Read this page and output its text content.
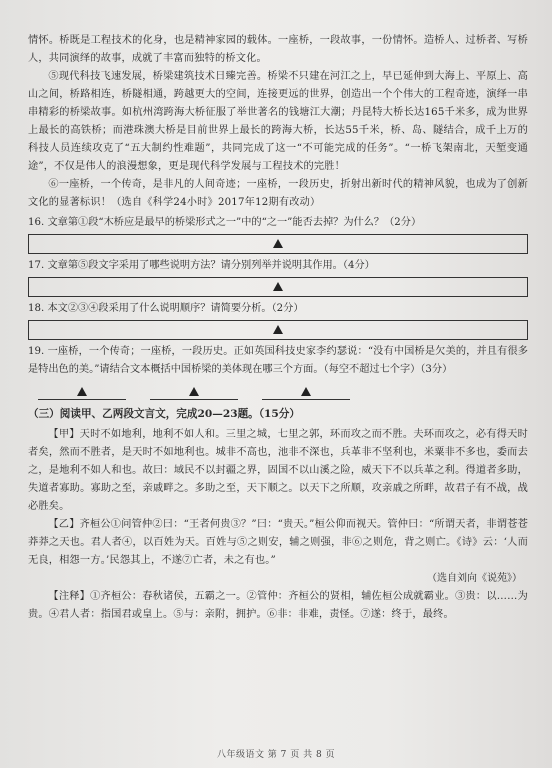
情怀。桥既是工程技术的化身，也是精神家园的载体。一座桥，一段故事，一份情怀。造桥人、过桥者、写桥人，共同演绎的故事，成就了丰富而独特的桥文化。

⑤现代科技飞速发展，桥梁建筑技术日臻完善。桥梁不只建在河江之上，早已延伸到大海上、平原上、高山之间，桥路相连，桥隧相通，跨越更大的空间，连接更远的世界，创造出一个个伟大的工程奇迹，演绎一串串精彩的桥梁故事。如杭州湾跨海大桥征服了举世著名的钱塘江大潮；丹昆特大桥长达165千米多，成为世界上最长的高铁桥；而港珠澳大桥是目前世界上最长的跨海大桥，长达55千米，桥、岛、隧结合，成千上万的科技人员连续攻克了“五大制约性难题”，共同完成了这一“不可能完成的任务”。“一桥飞架南北，天堑变通途”，不仅是伟人的浪漫想象，更是现代科学发展与工程技术的完胜！

⑥一座桥，一个传奇，是非凡的人间奇迹；一座桥，一段历史，折射出新时代的精神风貌，也成为了创新文化的显著标识！（选自《科学24小时》2017年12期有改动）

16. 文章第①段“木桥应是最早的桥梁形式之一”中的“之一”能否去掉？为什么？（2分）

17. 文章第⑤段文字采用了哪些说明方法？请分别列举并说明其作用。（4分）

18. 本文②③④段采用了什么说明顺序？请简要分析。（2分）

19. 一座桥，一个传奇；一座桥，一段历史。正如英国科技史家李约瑟说：“没有中国桥是欠美的，并且有很多是特出色的美。”请结合文本概括中国桥梁的美体现在哪三个方面。（每空不超过七个字）（3分）

（三）阅读甲、乙两段文言文，完成20—23题。（15分）

【甲】天时不如地利，地利不如人和。三里之城，七里之郭，环而攻之而不胜。夫环而攻之，必有得天时者矣，然而不胜者，是天时不如地利也。城非不高也，池非不深也，兵革非不坚利也，米粟非不多也，委而去之，是地利不如人和也。故曰：域民不以封疆之界，固国不以山溪之险，威天下不以兵革之利。得道者多助，失道者寡助。寡助之至，亲戚畔之。多助之至，天下顺之。以天下之所顺，攻亲戚之所畔，故君子有不战，战必胜矣。

【乙】齐桓公①问管仲②曰：“王者何贵③？”曰：“贵天。”桓公仰而视天。管仲曰：“所谓天者，非谓苍苍莽莽之天也。君人者④，以百姓为天。百姓与⑤之则安，辅之则强，非⑥之则危，背之则亡。《诗》云：‘人而无良，相怨一方。’民怨其上，不遂⑦亡者，未之有也。”

（选自刘向《说苑》）

【注释】①齐桓公：春秋诸侯，五霸之一。②管仲：齐桓公的贤相，辅佐桓公成就霸业。③贵：以……为贵。④君人者：指国君或皇上。⑤与：亲附，拥护。⑥非：非难，责怪。⑦遂：终于，最终。

八年级语文 第 7 页 共 8 页
